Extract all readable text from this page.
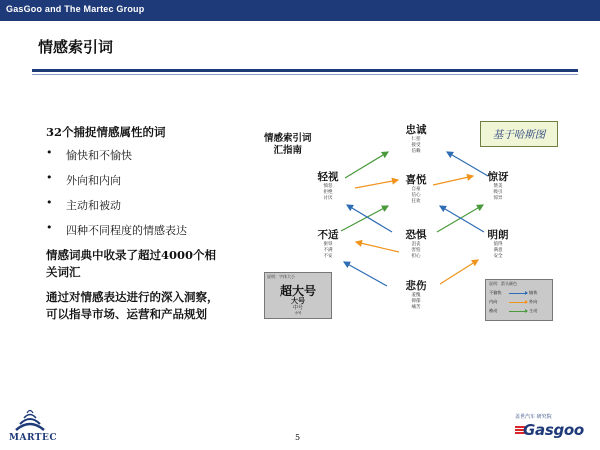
GasGoo and The Martec Group
情感索引词
32个捕捉情感属性的词
• 愉快和不愉快
• 外向和内向
• 主动和被动
• 四种不同程度的情感表达
情感词典中收录了超过4000个相关词汇
通过对情感表达进行的深入洞察，可以指导市场、运营和产品规划
情感索引词
汇指南
基于哈斯图
忠诚
仁慈
接受
信赖
轻视
愤怒
拒绝
讨厌
喜悦
自豪
信心
狂欢
惊讶
赞美
吸引
惊异
不适
驱辱
不满
不安
恐惧
沮丧
害怕
担心
明朗
值得
满意
安全
悲伤
羞愧
抑郁
痛苦
说明：字体大小
超大号
大号
中号
小号
说明：箭头颜色
不愉快	愉快
内向	外向
被动	主动
MARTEC	5
盖世汽车 研究院
Gasgoo
